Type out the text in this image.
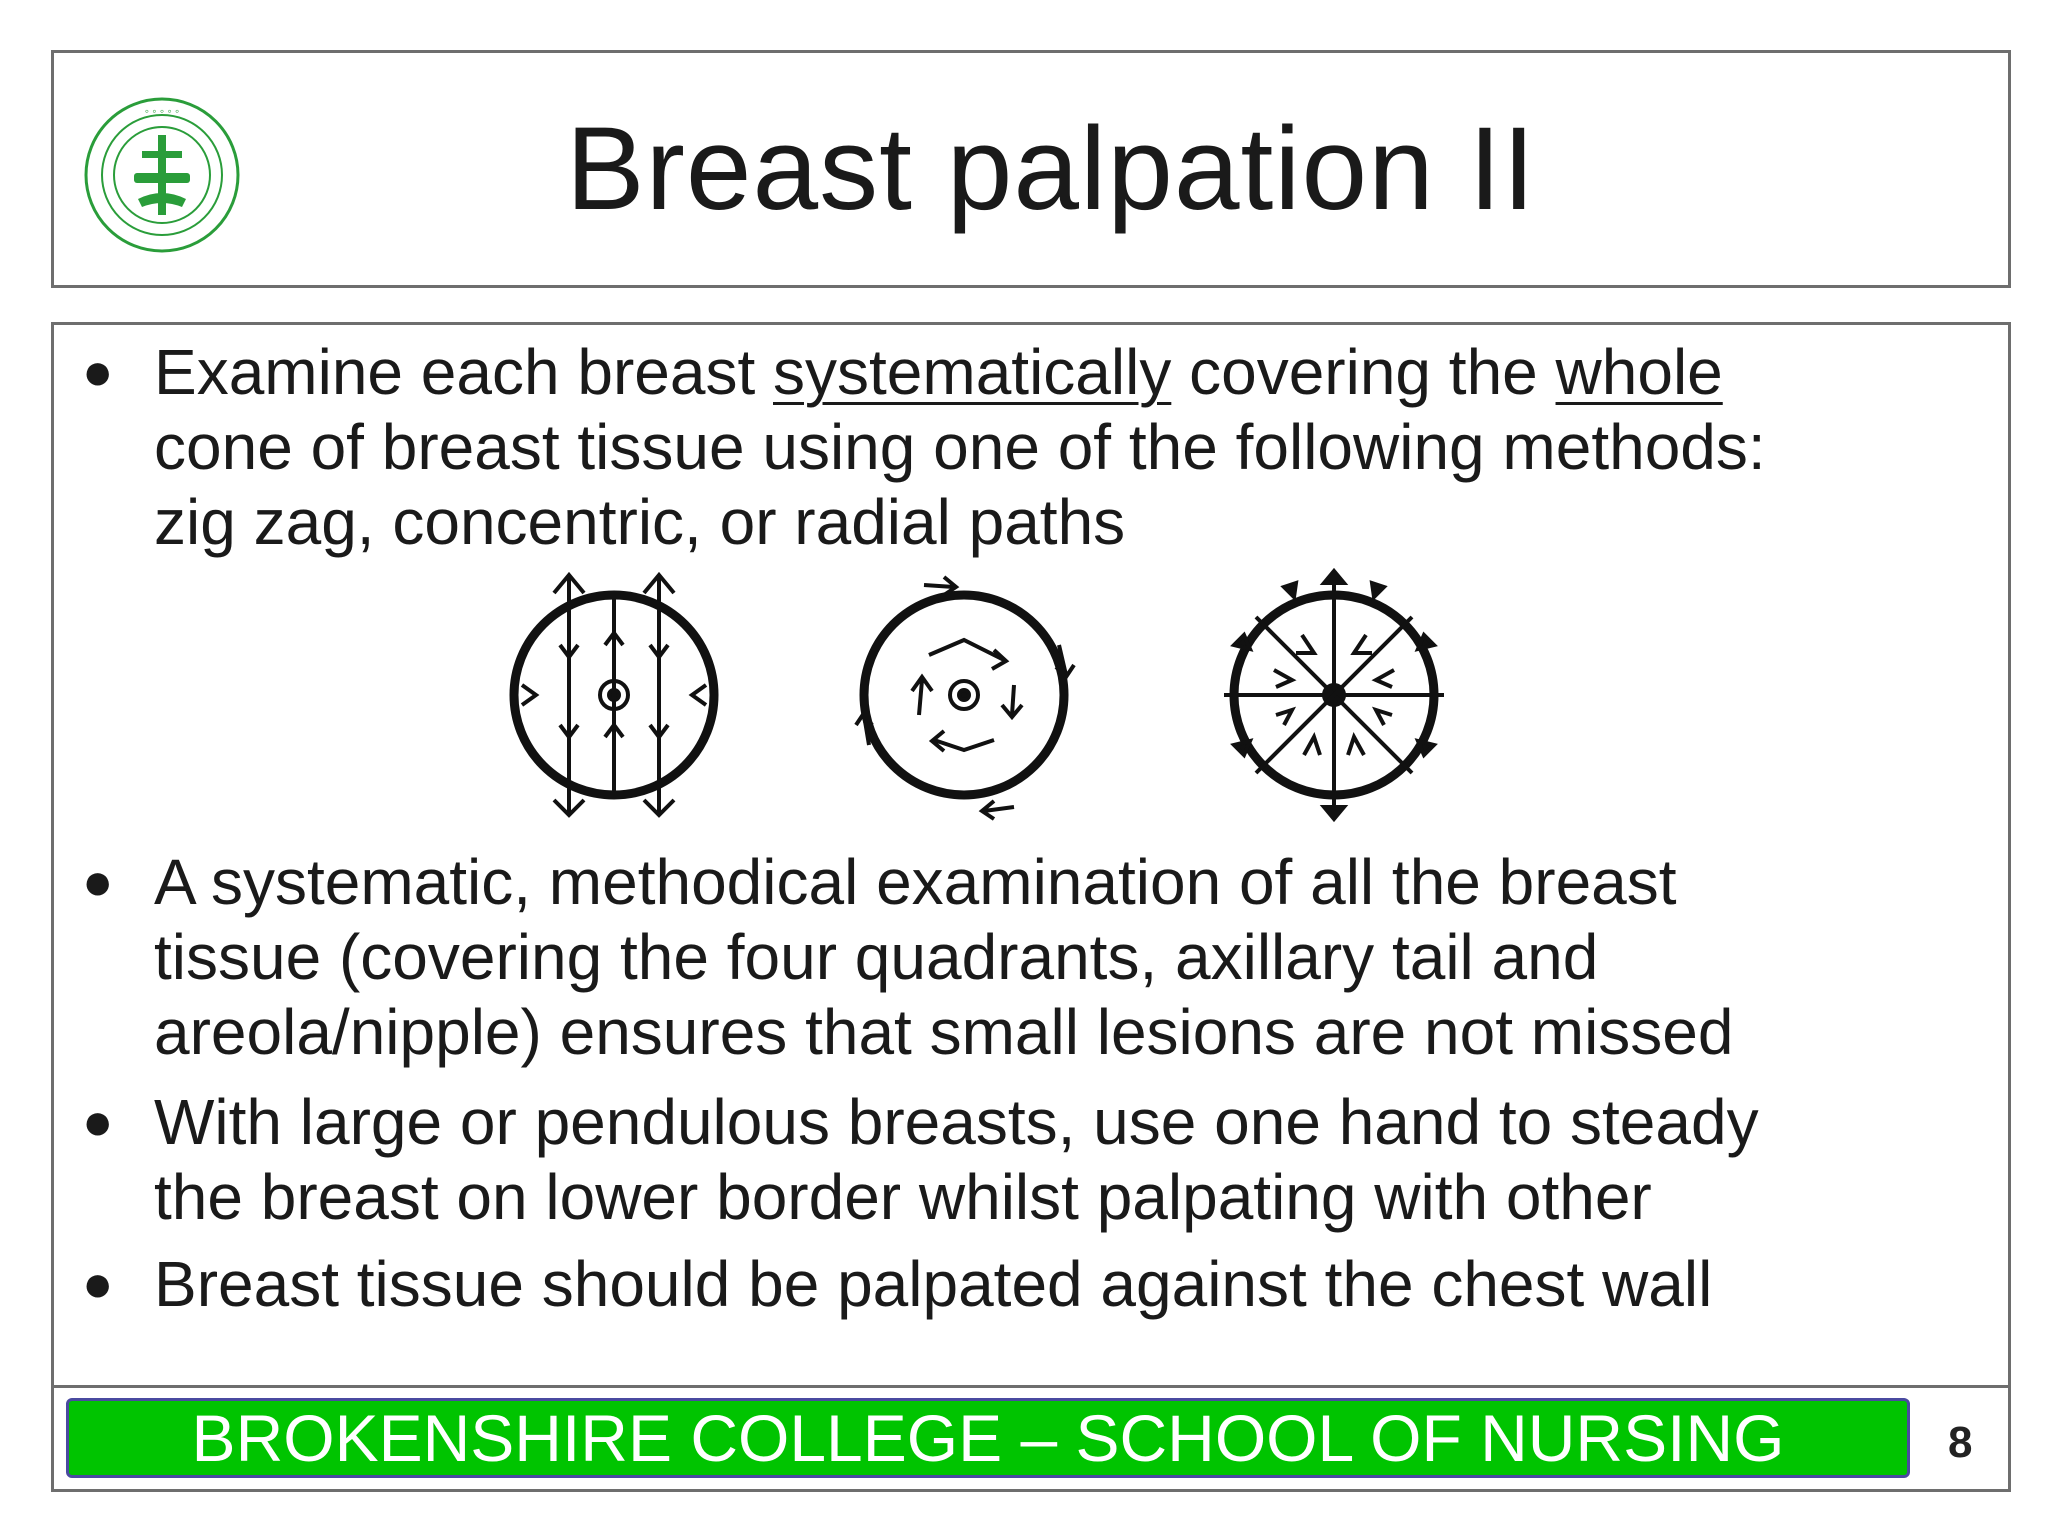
◦ ◦ ◦ ◦ ◦	Breast palpation II
● Examine each breast systematically covering the whole
cone of breast tissue using one of the following methods:
zig zag, concentric, or radial paths
● A systematic, methodical examination of all the breast
tissue (covering the four quadrants, axillary tail and
areola/nipple) ensures that small lesions are not missed
● With large or pendulous breasts, use one hand to steady
the breast on lower border whilst palpating with other
● Breast tissue should be palpated against the chest wall
BROKENSHIRE COLLEGE – SCHOOL OF NURSING	8
